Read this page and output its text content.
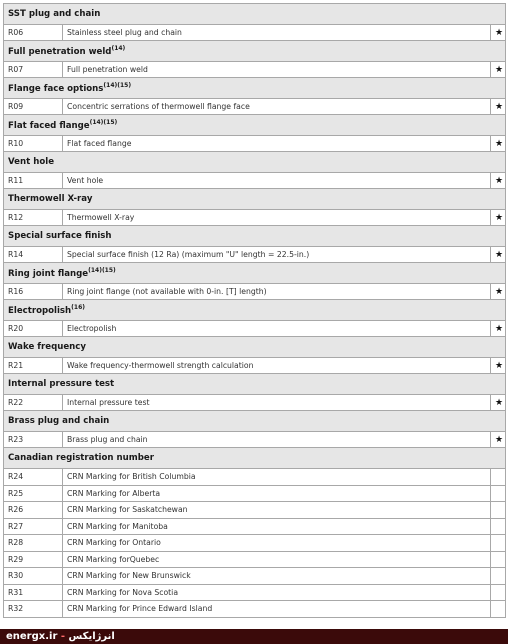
SST plug and chain		
R06	Stainless steel plug and chain	★
Full penetration weld$^{(14)}$
R07	Full penetration weld	★
Flange face options$^{(14)(15)}$
R09	Concentric serrations of thermowell flange face	★
Flat faced flange$^{(14)(15)}$
R10	Flat faced flange	★
Vent hole		
R11	Vent hole	★
Thermowell X-ray		
R12	Thermowell X-ray	★
Special surface finish		
R14	Special surface finish (12 Ra) (maximum "U" length = 22.5-in.)	★
Ring joint flange$^{(14)(15)}$
R16	Ring joint flange (not available with 0-in. [T] length)	★
Electropolish$^{(16)}$
R20	Electropolish	★
Wake frequency		
R21	Wake frequency-thermowell strength calculation	★
Internal pressure test		
R22	Internal pressure test	★
Brass plug and chain		
R23	Brass plug and chain	★
Canadian registration number		
R24	CRN Marking for British Columbia	
R25	CRN Marking for Alberta	
R26	CRN Marking for Saskatchewan	
R27	CRN Marking for Manitoba	
R28	CRN Marking for Ontario	
R29	CRN Marking forQuebec	
R30	CRN Marking for New Brunswick	
R31	CRN Marking for Nova Scotia	
R32	CRN Marking for Prince Edward Island	
energx.ir - انرژایکس
